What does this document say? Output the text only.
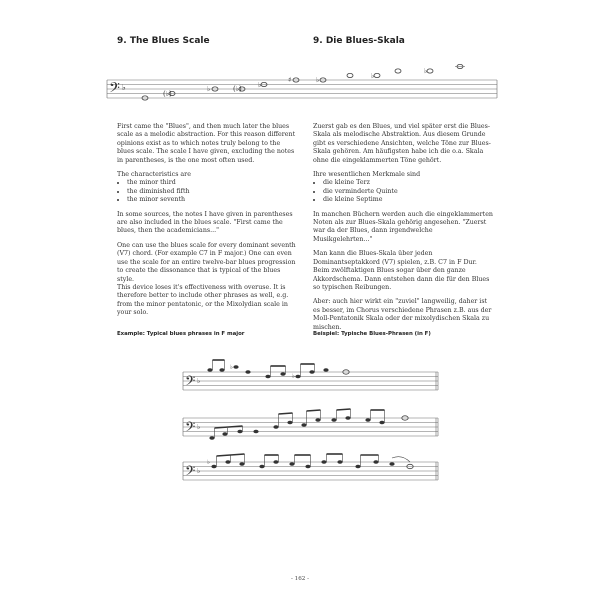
9. The Blues Scale	9. Die Blues-Skala
𝄢 ♭
(♭)
♭	♭
(♭)
♭
♯	♭
♭

First came the "Blues", and then much later the blues scale as a melodic abstraction. For this reason different opinions exist as to which notes truly belong to the blues scale. The scale I have given, excluding the notes in parentheses, is the one most often used.

The characteristics are

• the minor third
• the diminished fifth
• the minor seventh

In some sources, the notes I have given in parentheses are also included in the blues scale. "First came the blues, then the academicians..."

One can use the blues scale for every dominant seventh (V7) chord. (For example C7 in F major.) One can even use the scale for an entire twelve-bar blues progression to create the dissonance that is typical of the blues style.

This device loses it's effectiveness with overuse. It is therefore better to include other phrases as well, e.g. from the minor pentatonic, or the Mixolydian scale in your solo.

Zuerst gab es den Blues, und viel später erst die Blues-Skala als melodische Abstraktion. Aus diesem Grunde gibt es verschiedene Ansichten, welche Töne zur Blues-Skala gehören. Am häufigsten habe ich die o.a. Skala ohne die eingeklammerten Töne gehört.

Ihre wesentlichen Merkmale sind

• die kleine Terz
• die verminderte Quinte
• die kleine Septime

In manchen Büchern werden auch die eingeklammerten Noten als zur Blues-Skala gehörig angesehen. "Zuerst war da der Blues, dann irgendwelche Musikgelehrten..."

Man kann die Blues-Skala über jeden Dominantseptakkord (V7) spielen, z.B. C7 in F Dur. Beim zwölftaktigen Blues sogar über den ganze Akkordschema. Dann entstehen dann die für den Blues so typischen Reibungen.

Aber: auch hier wirkt ein "zuviel" langweilig, daher ist es besser, im Chorus verschiedene Phrasen z.B. aus der Moll-Pentatonik Skala oder der mixolydischen Skala zu mischen.

Example: Typical blues phrases in F major	Beispiel: Typische Blues-Phrasen (in F)
𝄢 ♭
♭
♭
𝄢 ♭
𝄢 ♭
♭
- 162 -
